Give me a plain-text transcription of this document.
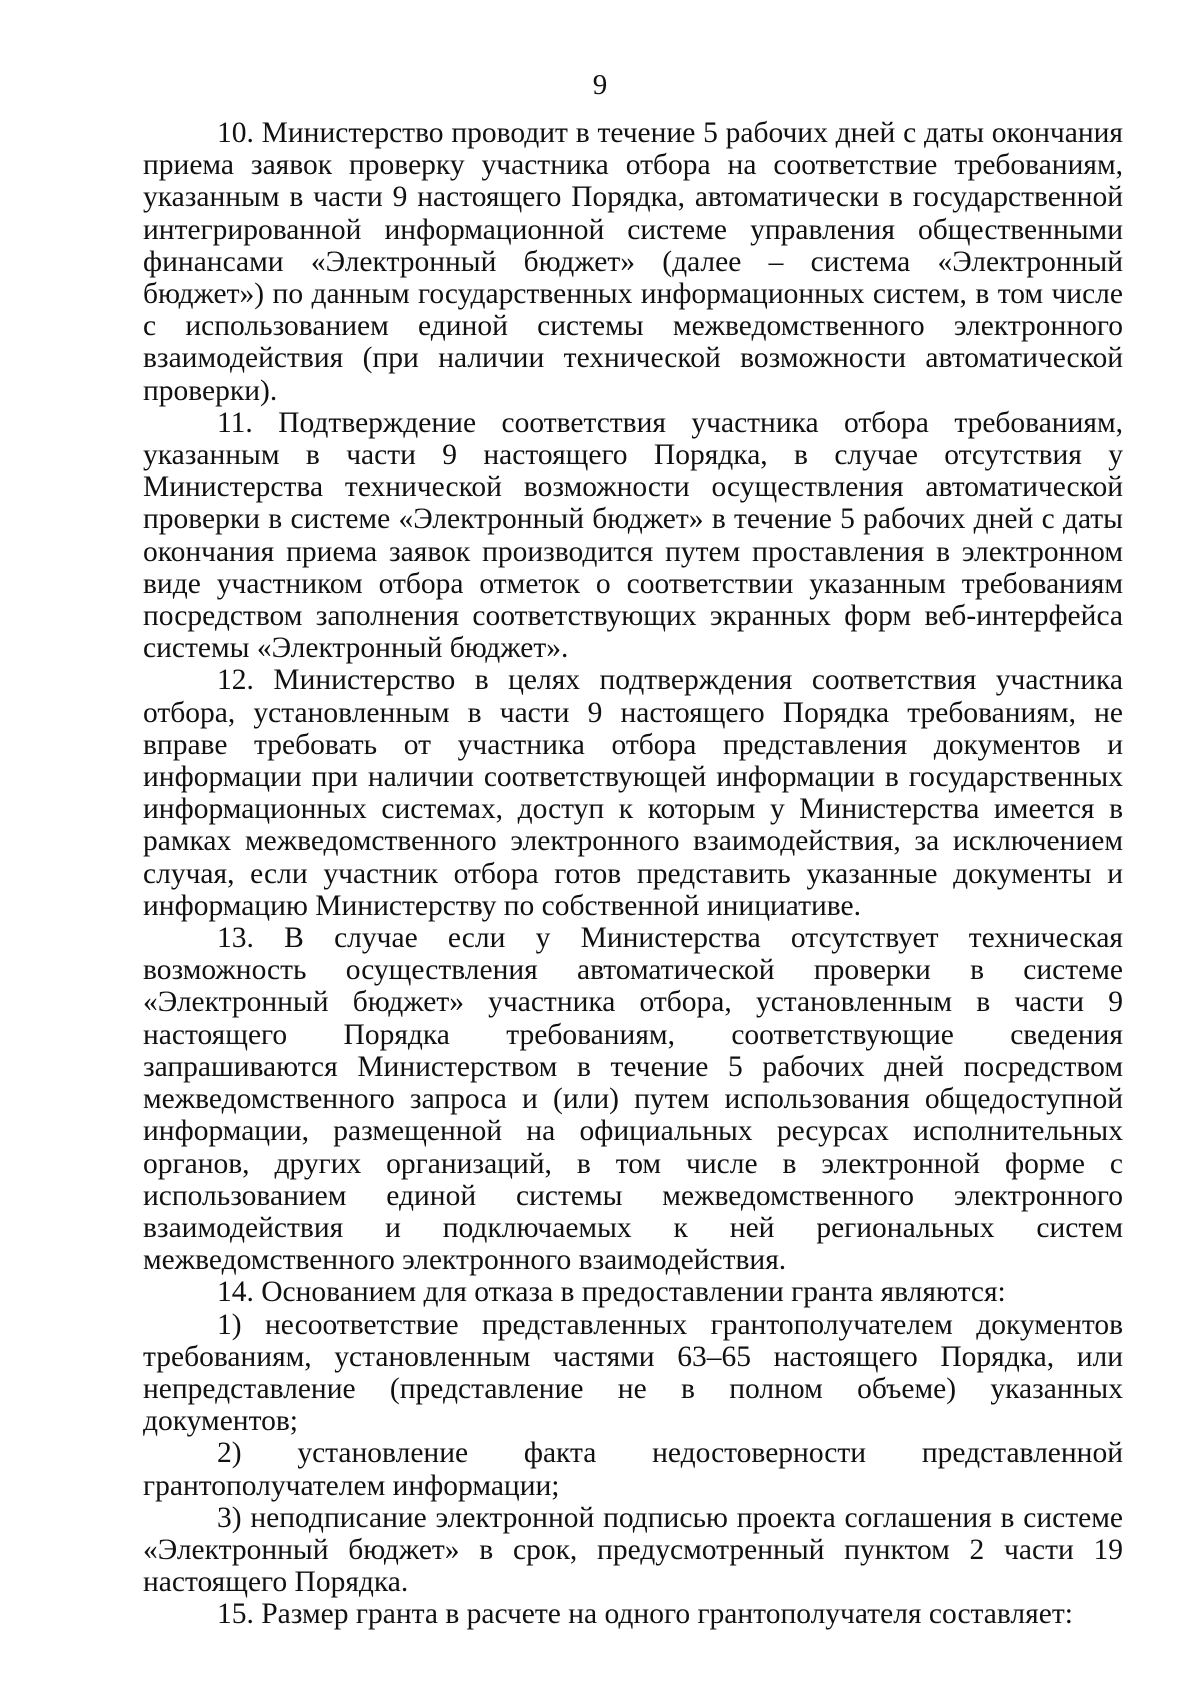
9

10. Министерство проводит в течение 5 рабочих дней с даты окончания приема заявок проверку участника отбора на соответствие требованиям, указанным в части 9 настоящего Порядка, автоматически в государственной интегрированной информационной системе управления общественными финансами «Электронный бюджет» (далее – система «Электронный бюджет») по данным государственных информационных систем, в том числе с использованием единой системы межведомственного электронного взаимодействия (при наличии технической возможности автоматической проверки).

11. Подтверждение соответствия участника отбора требованиям, указанным в части 9 настоящего Порядка, в случае отсутствия у Министерства технической возможности осуществления автоматической проверки в системе «Электронный бюджет» в течение 5 рабочих дней с даты окончания приема заявок производится путем проставления в электронном виде участником отбора отметок о соответствии указанным требованиям посредством заполнения соответствующих экранных форм веб-интерфейса системы «Электронный бюджет».

12. Министерство в целях подтверждения соответствия участника отбора, установленным в части 9 настоящего Порядка требованиям, не вправе требовать от участника отбора представления документов и информации при наличии соответствующей информации в государственных информационных системах, доступ к которым у Министерства имеется в рамках межведомственного электронного взаимодействия, за исключением случая, если участник отбора готов представить указанные документы и информацию Министерству по собственной инициативе.

13. В случае если у Министерства отсутствует техническая возможность осуществления автоматической проверки в системе «Электронный бюджет» участника отбора, установленным в части 9 настоящего Порядка требованиям, соответствующие сведения запрашиваются Министерством в течение 5 рабочих дней посредством межведомственного запроса и (или) путем использования общедоступной информации, размещенной на официальных ресурсах исполнительных органов, других организаций, в том числе в электронной форме с использованием единой системы межведомственного электронного взаимодействия и подключаемых к ней региональных систем межведомственного электронного взаимодействия.

14. Основанием для отказа в предоставлении гранта являются:

1) несоответствие представленных грантополучателем документов требованиям, установленным частями 63–65 настоящего Порядка, или непредставление (представление не в полном объеме) указанных документов;

2) установление факта недостоверности представленной грантополучателем информации;

3) неподписание электронной подписью проекта соглашения в системе «Электронный бюджет» в срок, предусмотренный пунктом 2 части 19 настоящего Порядка.

15. Размер гранта в расчете на одного грантополучателя составляет:
